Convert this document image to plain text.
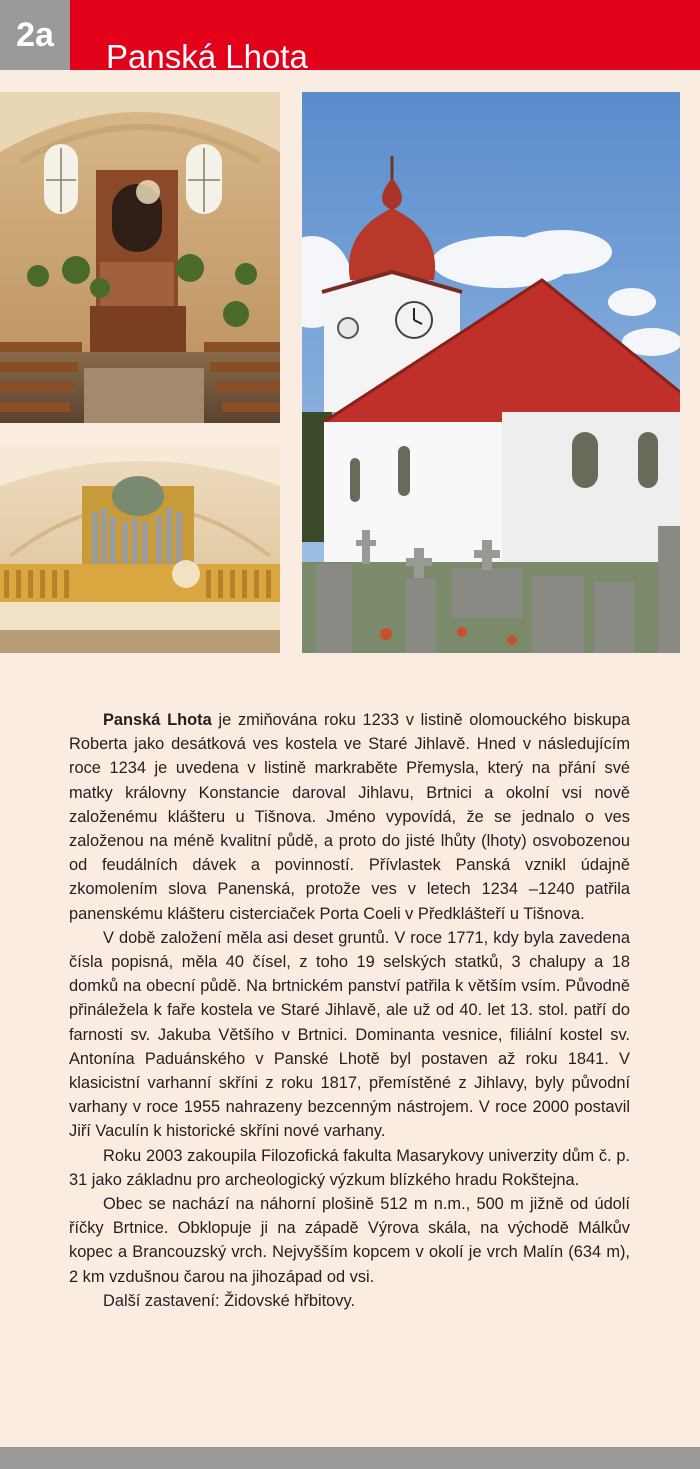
2a
Panská Lhota

Panská Lhota je zmiňována roku 1233 v listině olomouckého biskupa Roberta jako desátková ves kostela ve Staré Jihlavě. Hned v následujícím roce 1234 je uvedena v listině markraběte Přemysla, který na přání své matky královny Konstancie daroval Jihlavu, Brtnici a okolní vsi nově založenému klášteru u Tišnova. Jméno vypovídá, že se jednalo o ves založenou na méně kvalitní půdě, a proto do jisté lhůty (lhoty) osvobozenou od feudálních dávek a povinností. Přívlastek Panská vznikl údajně zkomolením slova Panenská, protože ves v letech 1234 –1240 patřila panenskému klášteru cisterciaček Porta Coeli v Předklášteří u Tišnova.

V době založení měla asi deset gruntů. V roce 1771, kdy byla zavedena čísla popisná, měla 40 čísel, z toho 19 selských statků, 3 chalupy a 18 domků na obecní půdě. Na brtnickém panství patřila k větším vsím. Původně přináležela k faře kostela ve Staré Jihlavě, ale už od 40. let 13. stol. patří do farnosti sv. Jakuba Většího v Brtnici. Dominanta vesnice, filiální kostel sv. Antonína Paduánského v Panské Lhotě byl postaven až roku 1841. V klasicistní varhanní skříni z roku 1817, přemístěné z Jihlavy, byly původní varhany v roce 1955 nahrazeny bezcenným nástrojem. V roce 2000 postavil Jiří Vaculín k historické skříni nové varhany.

Roku 2003 zakoupila Filozofická fakulta Masarykovy univerzity dům č. p. 31 jako základnu pro archeologický výzkum blízkého hradu Rokštejna.

Obec se nachází na náhorní plošině 512 m n.m., 500 m jižně od údolí říčky Brtnice. Obklopuje ji na západě Výrova skála, na východě Málkův kopec a Brancouzský vrch. Nejvyšším kopcem v okolí je vrch Malín (634 m), 2 km vzdušnou čarou na jihozápad od vsi.

Další zastavení: Židovské hřbitovy.
